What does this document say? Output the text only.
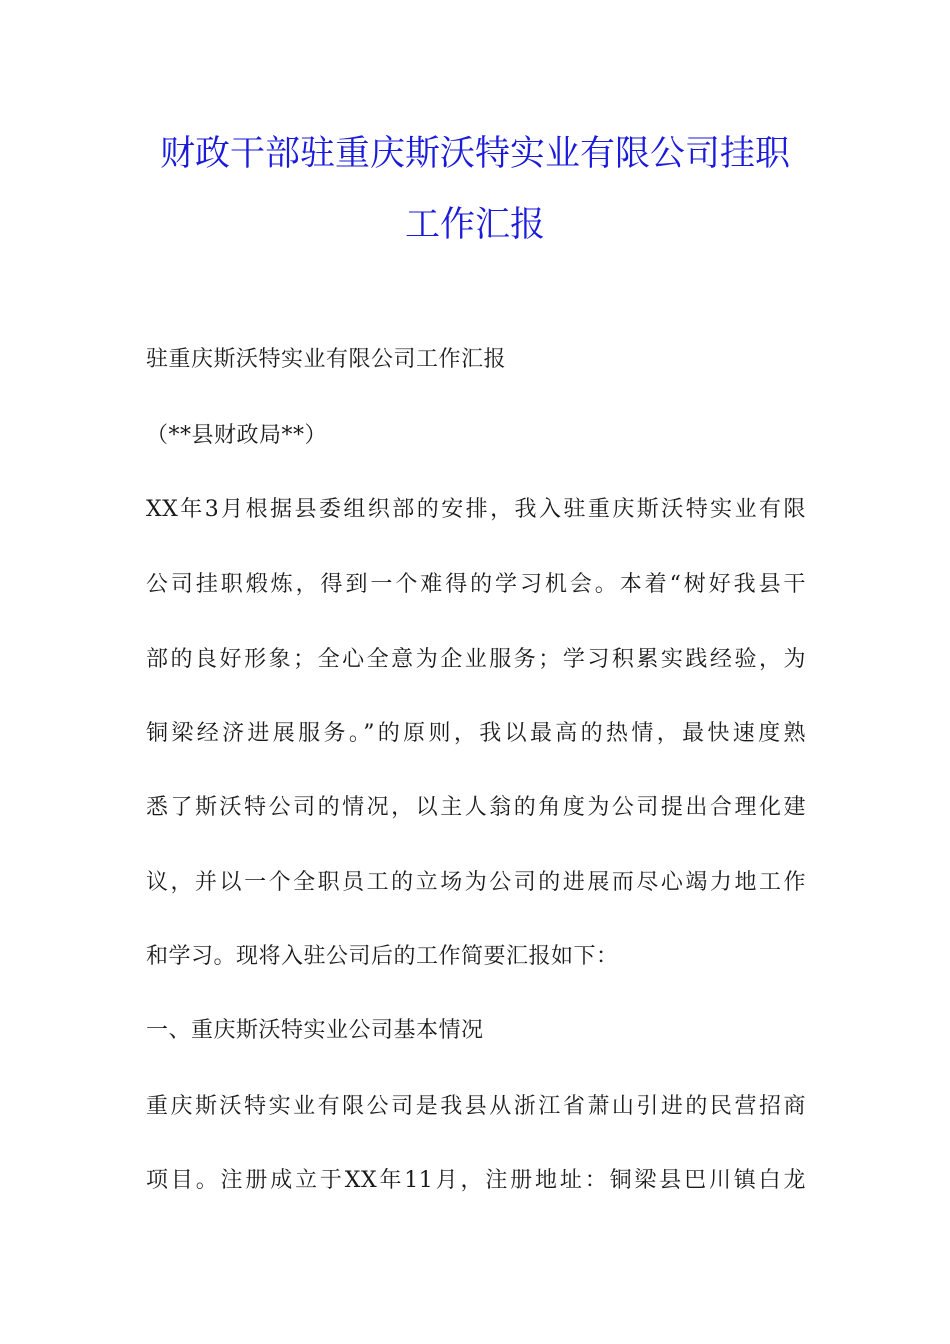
财政干部驻重庆斯沃特实业有限公司挂职
工作汇报
驻重庆斯沃特实业有限公司工作汇报
（**县财政局**）
XX年3月根据县委组织部的安排，我入驻重庆斯沃特实业有限
公司挂职煅炼，得到一个难得的学习机会。本着“树好我县干
部的良好形象；全心全意为企业服务；学习积累实践经验，为
铜梁经济进展服务。”的原则，我以最高的热情，最快速度熟
悉了斯沃特公司的情况，以主人翁的角度为公司提出合理化建
议，并以一个全职员工的立场为公司的进展而尽心竭力地工作
和学习。现将入驻公司后的工作简要汇报如下：
一、重庆斯沃特实业公司基本情况
重庆斯沃特实业有限公司是我县从浙江省萧山引进的民营招商
项目。注册成立于XX年11月，注册地址：铜梁县巴川镇白龙
